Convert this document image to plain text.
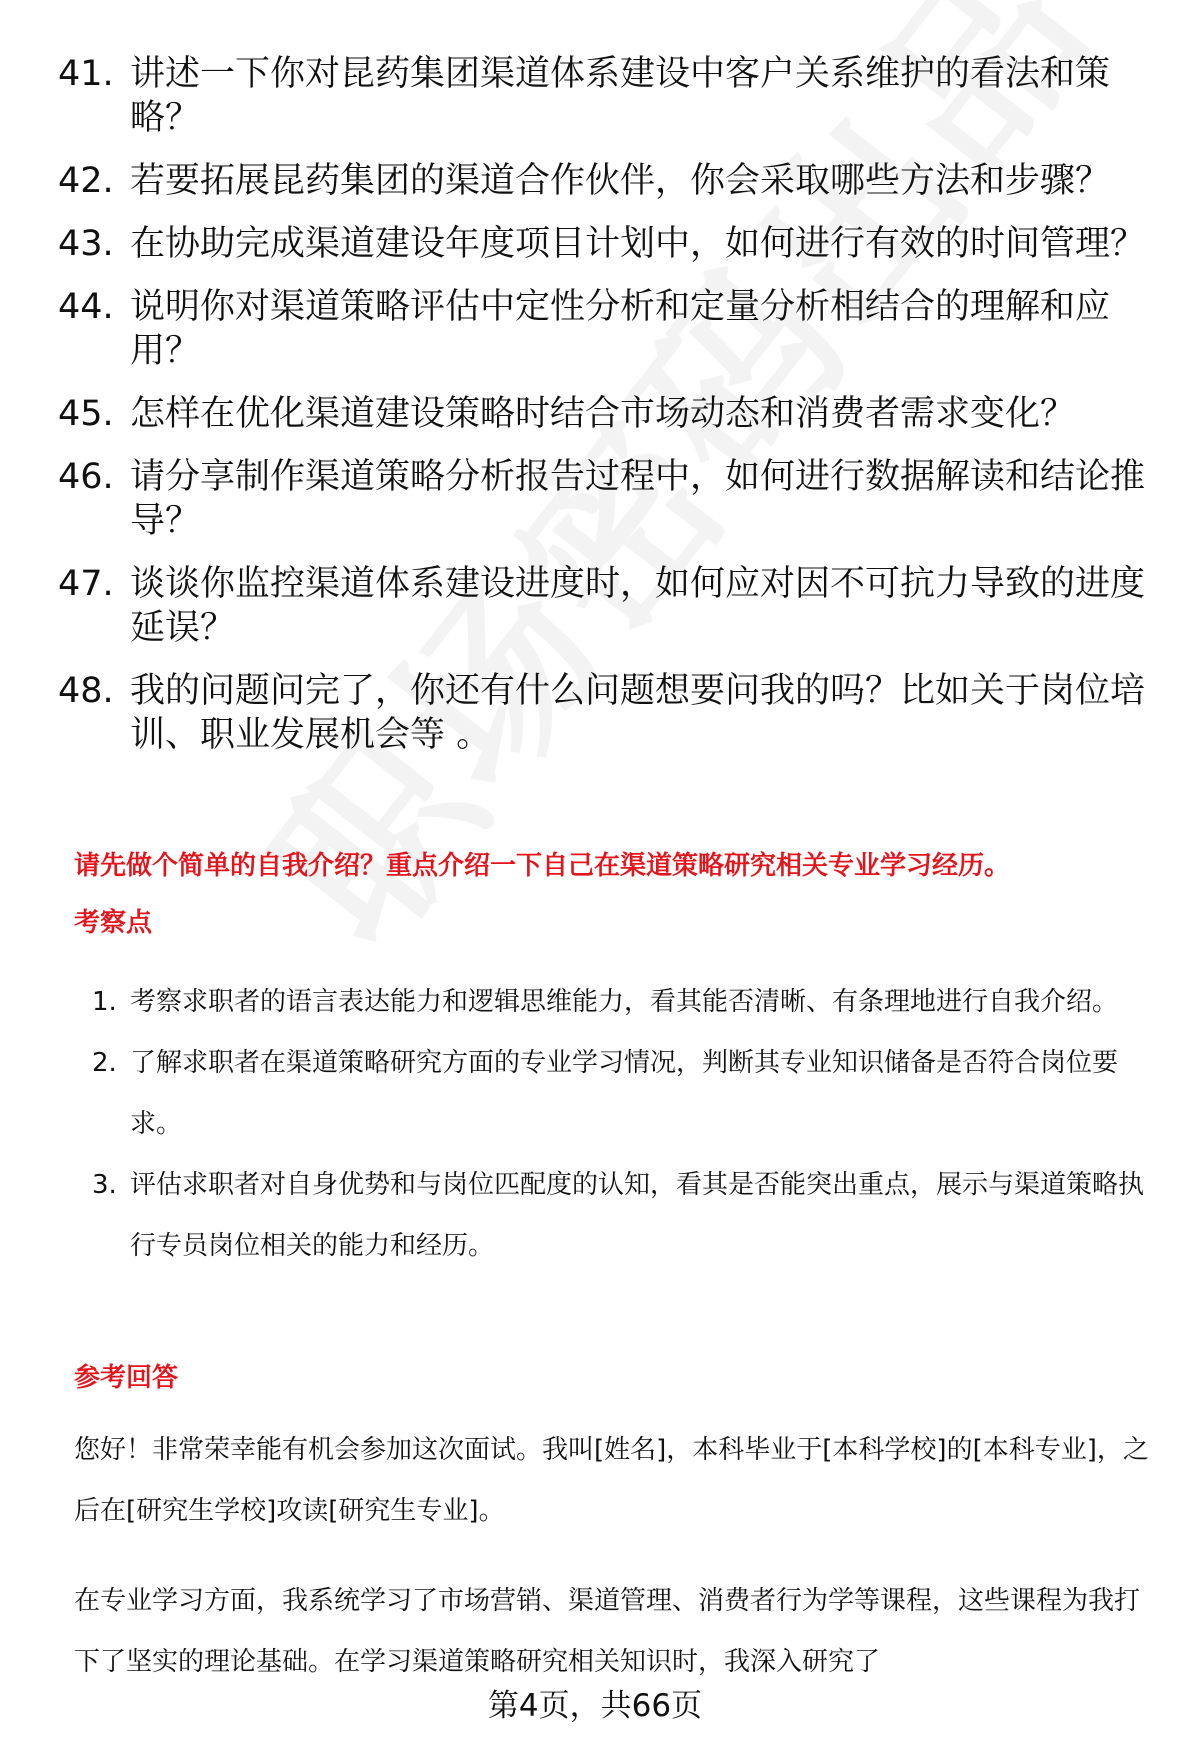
41. 讲述一下你对昆药集团渠道体系建设中客户关系维护的看法和策略？
42. 若要拓展昆药集团的渠道合作伙伴，你会采取哪些方法和步骤？
43. 在协助完成渠道建设年度项目计划中，如何进行有效的时间管理？
44. 说明你对渠道策略评估中定性分析和定量分析相结合的理解和应用？
45. 怎样在优化渠道建设策略时结合市场动态和消费者需求变化？
46. 请分享制作渠道策略分析报告过程中，如何进行数据解读和结论推导？
47. 谈谈你监控渠道体系建设进度时，如何应对因不可抗力导致的进度延误？
48. 我的问题问完了，你还有什么问题想要问我的吗？比如关于岗位培训、职业发展机会等 。
请先做个简单的自我介绍？重点介绍一下自己在渠道策略研究相关专业学习经历。
考察点
1. 考察求职者的语言表达能力和逻辑思维能力，看其能否清晰、有条理地进行自我介绍。
2. 了解求职者在渠道策略研究方面的专业学习情况，判断其专业知识储备是否符合岗位要求。
3. 评估求职者对自身优势和与岗位匹配度的认知，看其是否能突出重点，展示与渠道策略执行专员岗位相关的能力和经历。
参考回答
您好！非常荣幸能有机会参加这次面试。我叫[姓名]，本科毕业于[本科学校]的[本科专业]，之后在[研究生学校]攻读[研究生专业]。
在专业学习方面，我系统学习了市场营销、渠道管理、消费者行为学等课程，这些课程为我打下了坚实的理论基础。在学习渠道策略研究相关知识时，我深入研究了
第4页，共66页
